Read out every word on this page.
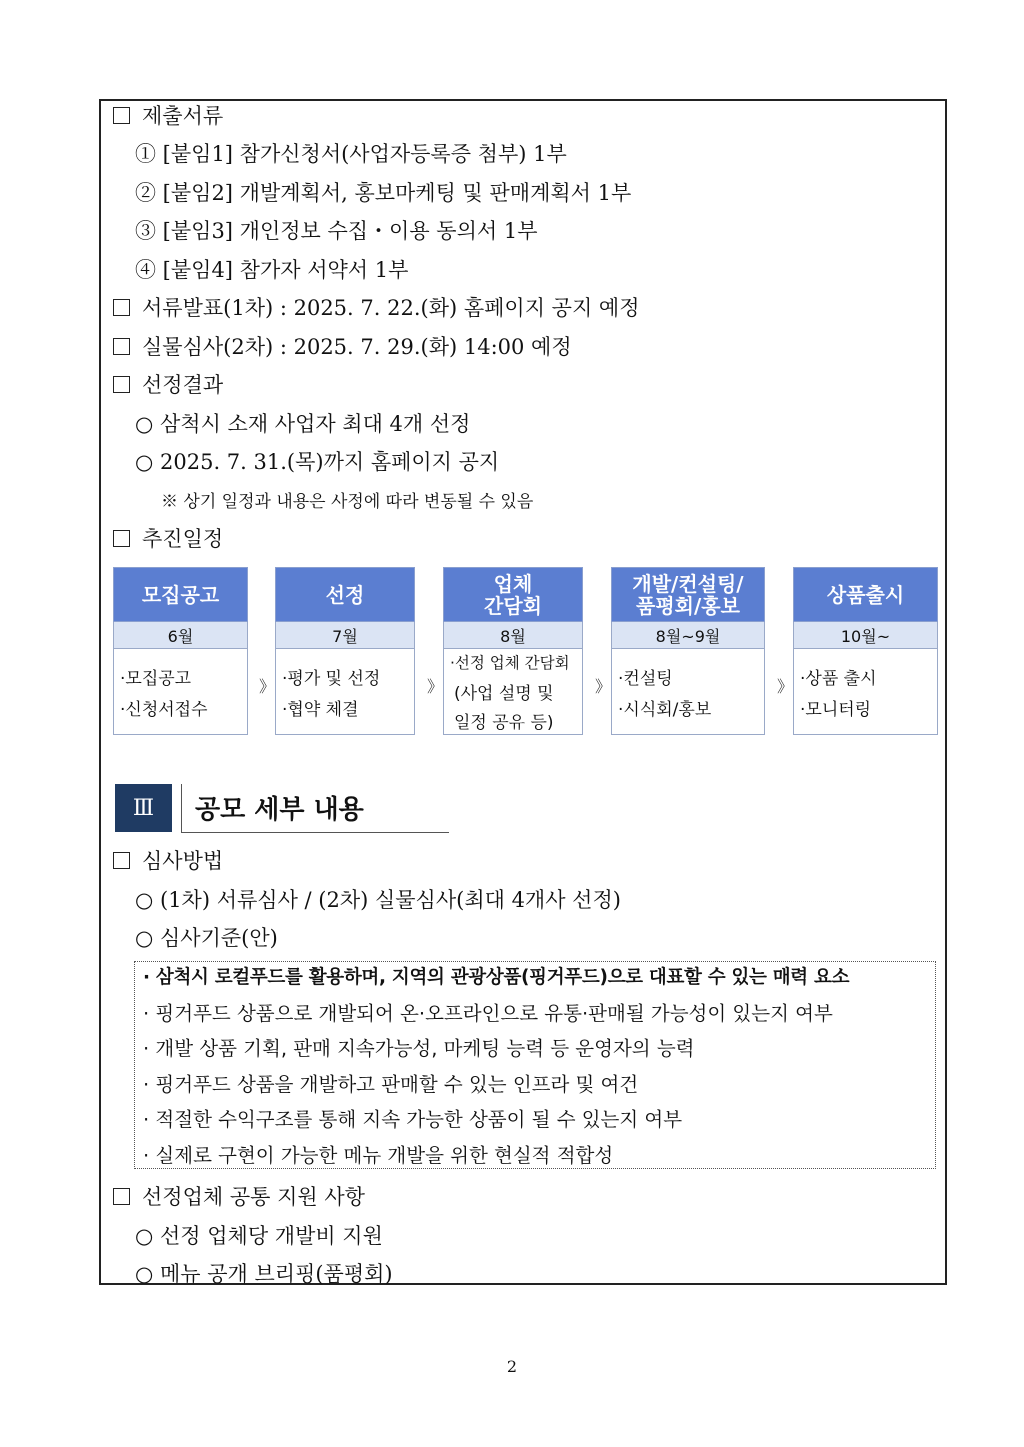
제출서류
① [붙임1] 참가신청서(사업자등록증 첨부) 1부
② [붙임2] 개발계획서, 홍보마케팅 및 판매계획서 1부
③ [붙임3] 개인정보 수집・이용 동의서 1부
④ [붙임4] 참가자 서약서 1부
서류발표(1차) : 2025. 7. 22.(화) 홈페이지 공지 예정
실물심사(2차) : 2025. 7. 29.(화) 14:00 예정
선정결과
○ 삼척시 소재 사업자 최대 4개 선정
○ 2025. 7. 31.(목)까지 홈페이지 공지
※ 상기 일정과 내용은 사정에 따라 변동될 수 있음
추진일정
모집공고
6월
·모집공고
·신청서접수
》
선정
7월
·평가 및 선정
·협약 체결
》
업체
간담회
8월
·선정 업체 간담회
(사업 설명 및
일정 공유 등)
》
개발/컨설팅/
품평회/홍보
8월~9월
·컨설팅
·시식회/홍보
》
상품출시
10월~
·상품 출시
·모니터링
Ⅲ	공모 세부 내용
심사방법
○ (1차) 서류심사 / (2차) 실물심사(최대 4개사 선정)
○ 심사기준(안)
· 삼척시 로컬푸드를 활용하며, 지역의 관광상품(핑거푸드)으로 대표할 수 있는 매력 요소
· 핑거푸드 상품으로 개발되어 온·오프라인으로 유통·판매될 가능성이 있는지 여부
· 개발 상품 기획, 판매 지속가능성, 마케팅 능력 등 운영자의 능력
· 핑거푸드 상품을 개발하고 판매할 수 있는 인프라 및 여건
· 적절한 수익구조를 통해 지속 가능한 상품이 될 수 있는지 여부
· 실제로 구현이 가능한 메뉴 개발을 위한 현실적 적합성
선정업체 공통 지원 사항
○ 선정 업체당 개발비 지원
○ 메뉴 공개 브리핑(품평회)
2
